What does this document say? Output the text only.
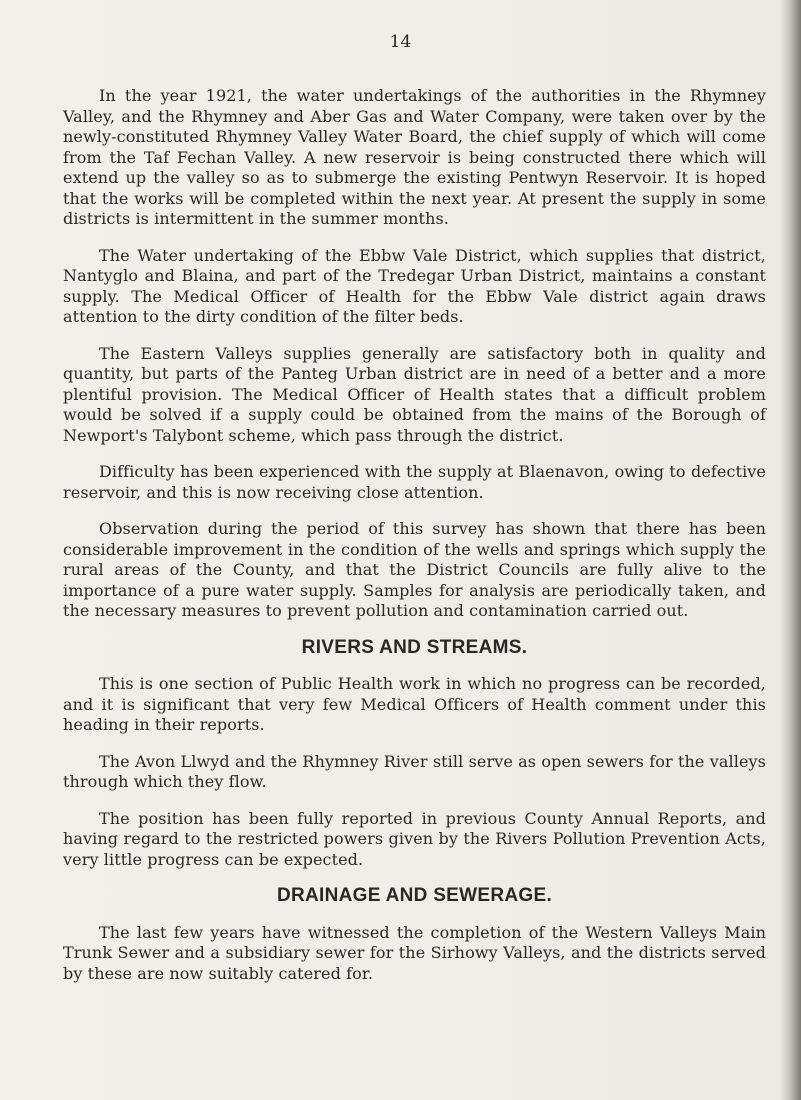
14

In the year 1921, the water undertakings of the authorities in the Rhymney Valley, and the Rhymney and Aber Gas and Water Company, were taken over by the newly-constituted Rhymney Valley Water Board, the chief supply of which will come from the Taf Fechan Valley. A new reservoir is being constructed there which will extend up the valley so as to submerge the existing Pentwyn Reservoir. It is hoped that the works will be completed within the next year. At present the supply in some districts is intermittent in the summer months.

The Water undertaking of the Ebbw Vale District, which supplies that district, Nantyglo and Blaina, and part of the Tredegar Urban District, maintains a constant supply. The Medical Officer of Health for the Ebbw Vale district again draws attention to the dirty condition of the filter beds.

The Eastern Valleys supplies generally are satisfactory both in quality and quantity, but parts of the Panteg Urban district are in need of a better and a more plentiful provision. The Medical Officer of Health states that a difficult problem would be solved if a supply could be obtained from the mains of the Borough of Newport's Talybont scheme, which pass through the district.

Difficulty has been experienced with the supply at Blaenavon, owing to defective reservoir, and this is now receiving close attention.

Observation during the period of this survey has shown that there has been considerable improvement in the condition of the wells and springs which supply the rural areas of the County, and that the District Councils are fully alive to the importance of a pure water supply. Samples for analysis are periodically taken, and the necessary measures to prevent pollution and contamination carried out.

RIVERS AND STREAMS.

This is one section of Public Health work in which no progress can be recorded, and it is significant that very few Medical Officers of Health comment under this heading in their reports.

The Avon Llwyd and the Rhymney River still serve as open sewers for the valleys through which they flow.

The position has been fully reported in previous County Annual Reports, and having regard to the restricted powers given by the Rivers Pollution Prevention Acts, very little progress can be expected.

DRAINAGE AND SEWERAGE.

The last few years have witnessed the completion of the Western Valleys Main Trunk Sewer and a subsidiary sewer for the Sirhowy Valleys, and the districts served by these are now suitably catered for.
